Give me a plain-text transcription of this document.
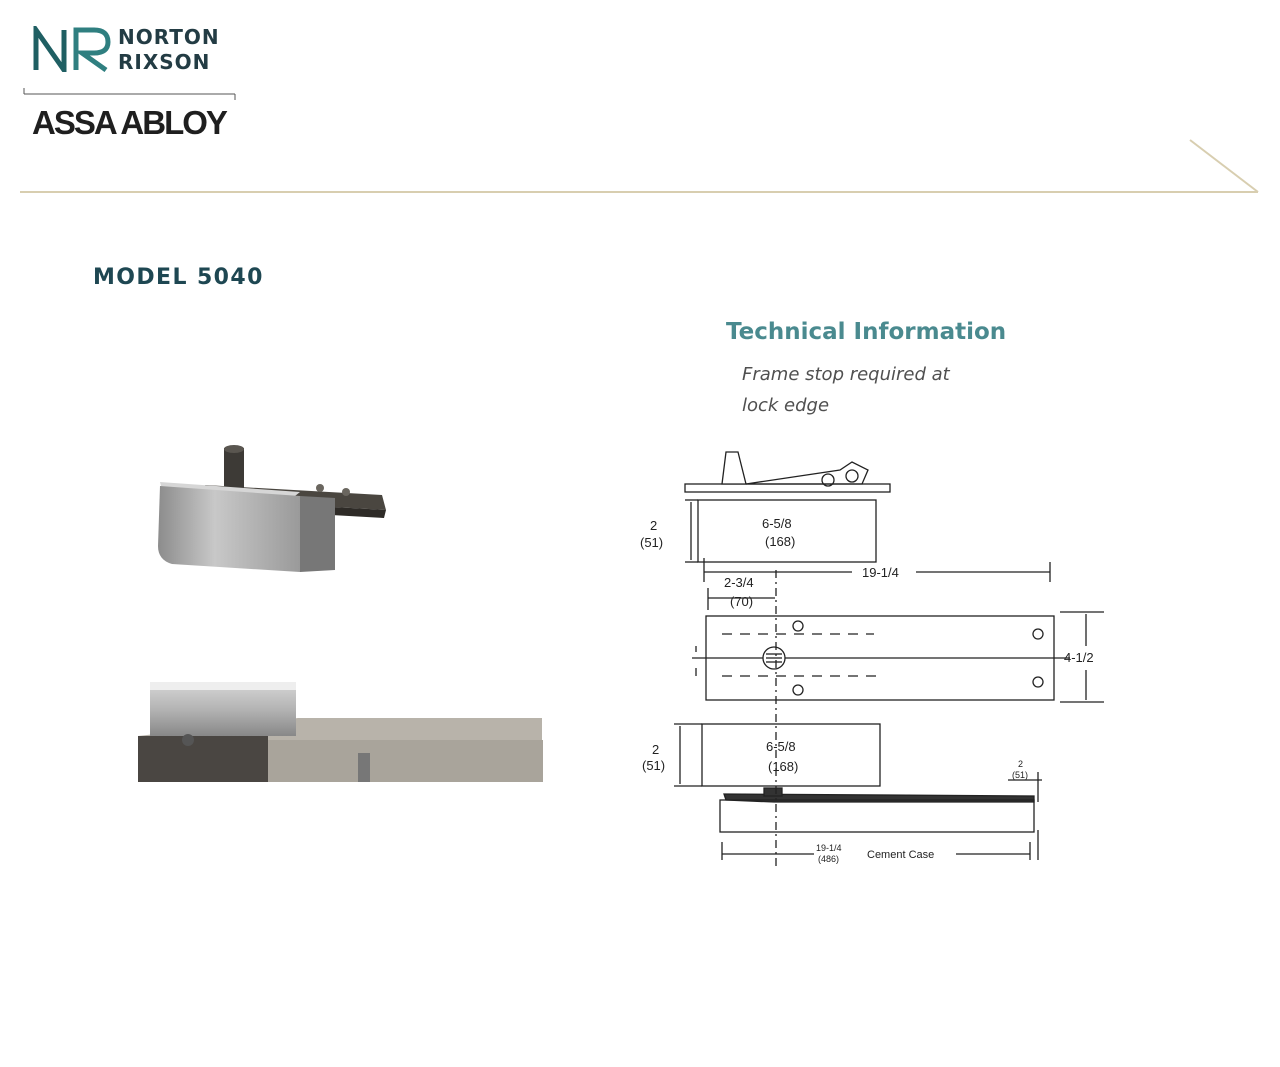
NORTON
RIXSON
ASSA ABLOY
MODEL 5040
Technical Information
Frame stop required at
lock edge
2
(51)
6-5/8
(168)
19-1/4
2-3/4
(70)
4-1/2
2
(51)
6-5/8
(168)	2
(51)
19-1/4
(486)	Cement Case
